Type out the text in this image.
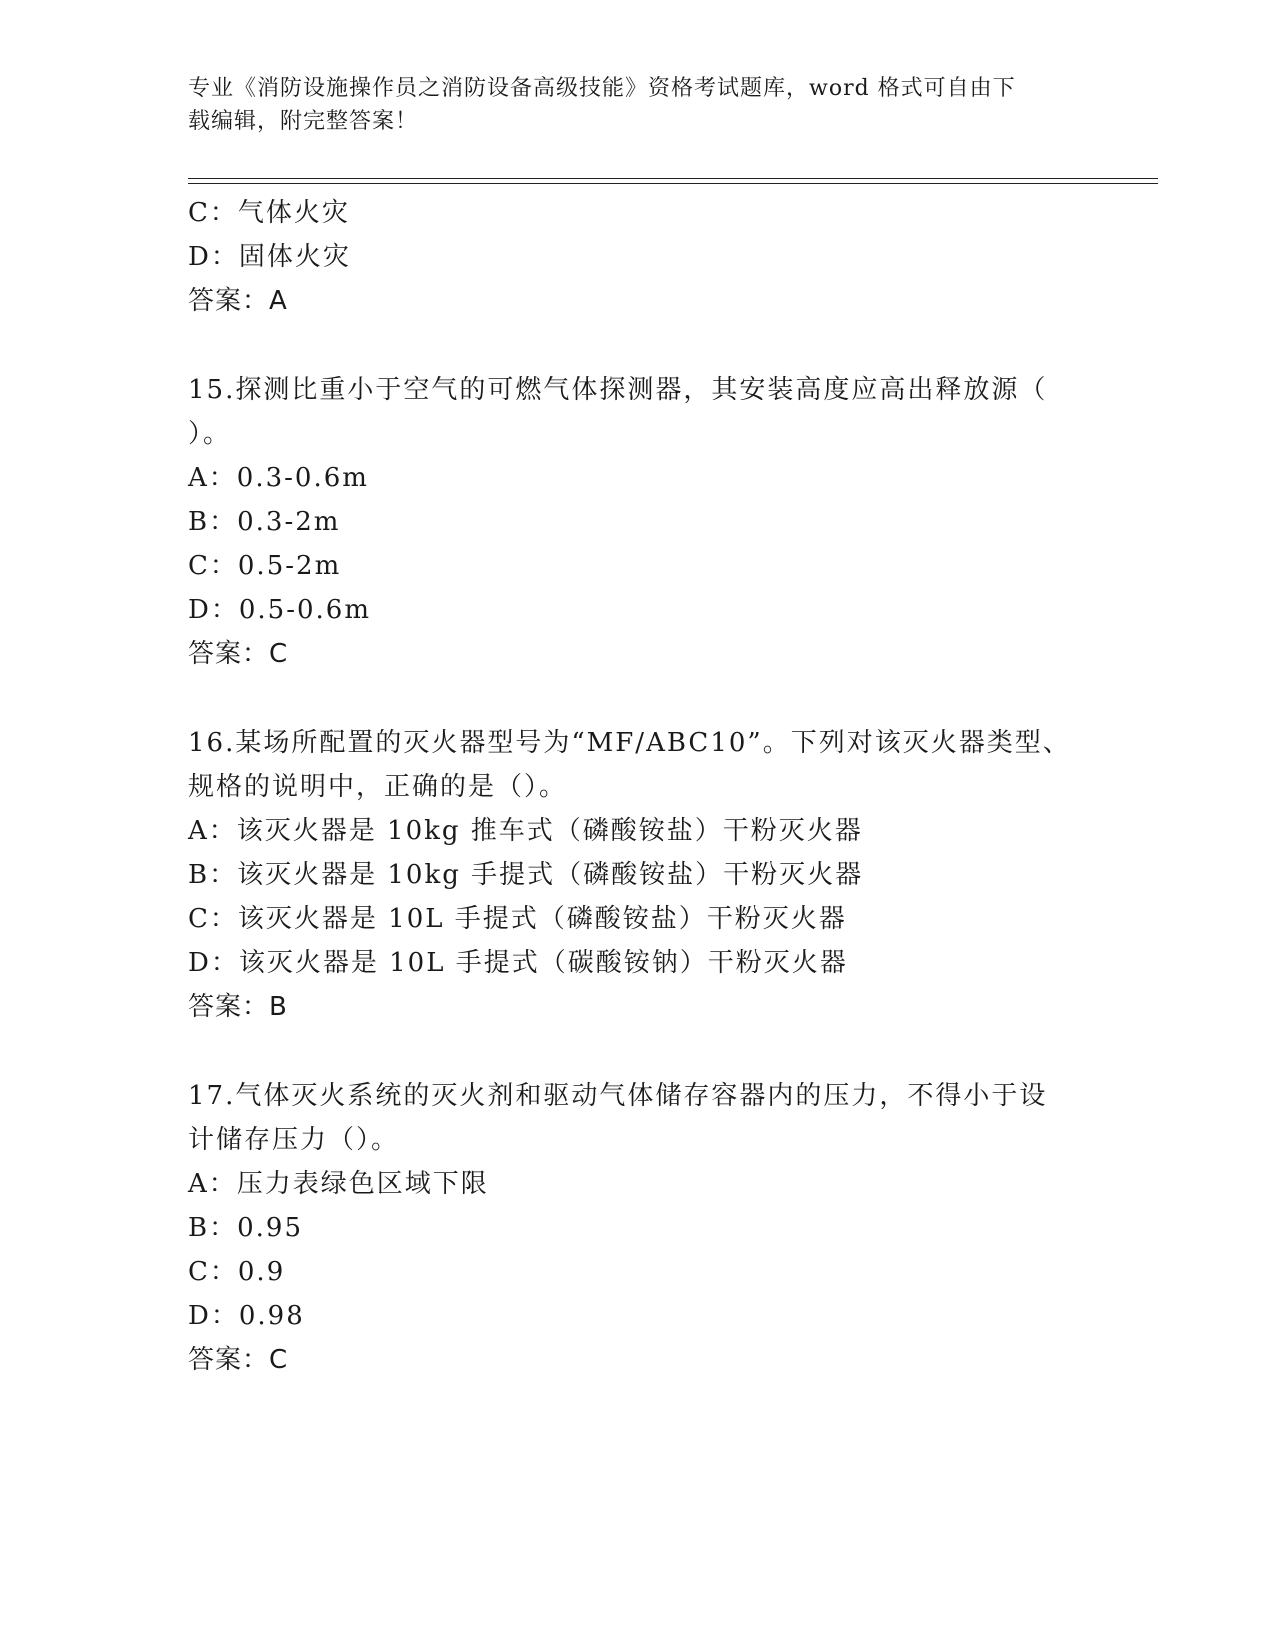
专业《消防设施操作员之消防设备高级技能》资格考试题库，word 格式可自由下
载编辑，附完整答案！
C：气体火灾
D：固体火灾
答案：A
15.探测比重小于空气的可燃气体探测器，其安装高度应高出释放源（
）。
A：0.3-0.6m
B：0.3-2m
C：0.5-2m
D：0.5-0.6m
答案：C
16.某场所配置的灭火器型号为“MF/ABC10”。下列对该灭火器类型、
规格的说明中，正确的是（）。
A：该灭火器是 10kg 推车式（磷酸铵盐）干粉灭火器
B：该灭火器是 10kg 手提式（磷酸铵盐）干粉灭火器
C：该灭火器是 10L 手提式（磷酸铵盐）干粉灭火器
D：该灭火器是 10L 手提式（碳酸铵钠）干粉灭火器
答案：B
17.气体灭火系统的灭火剂和驱动气体储存容器内的压力，不得小于设
计储存压力（）。
A：压力表绿色区域下限
B：0.95
C：0.9
D：0.98
答案：C
